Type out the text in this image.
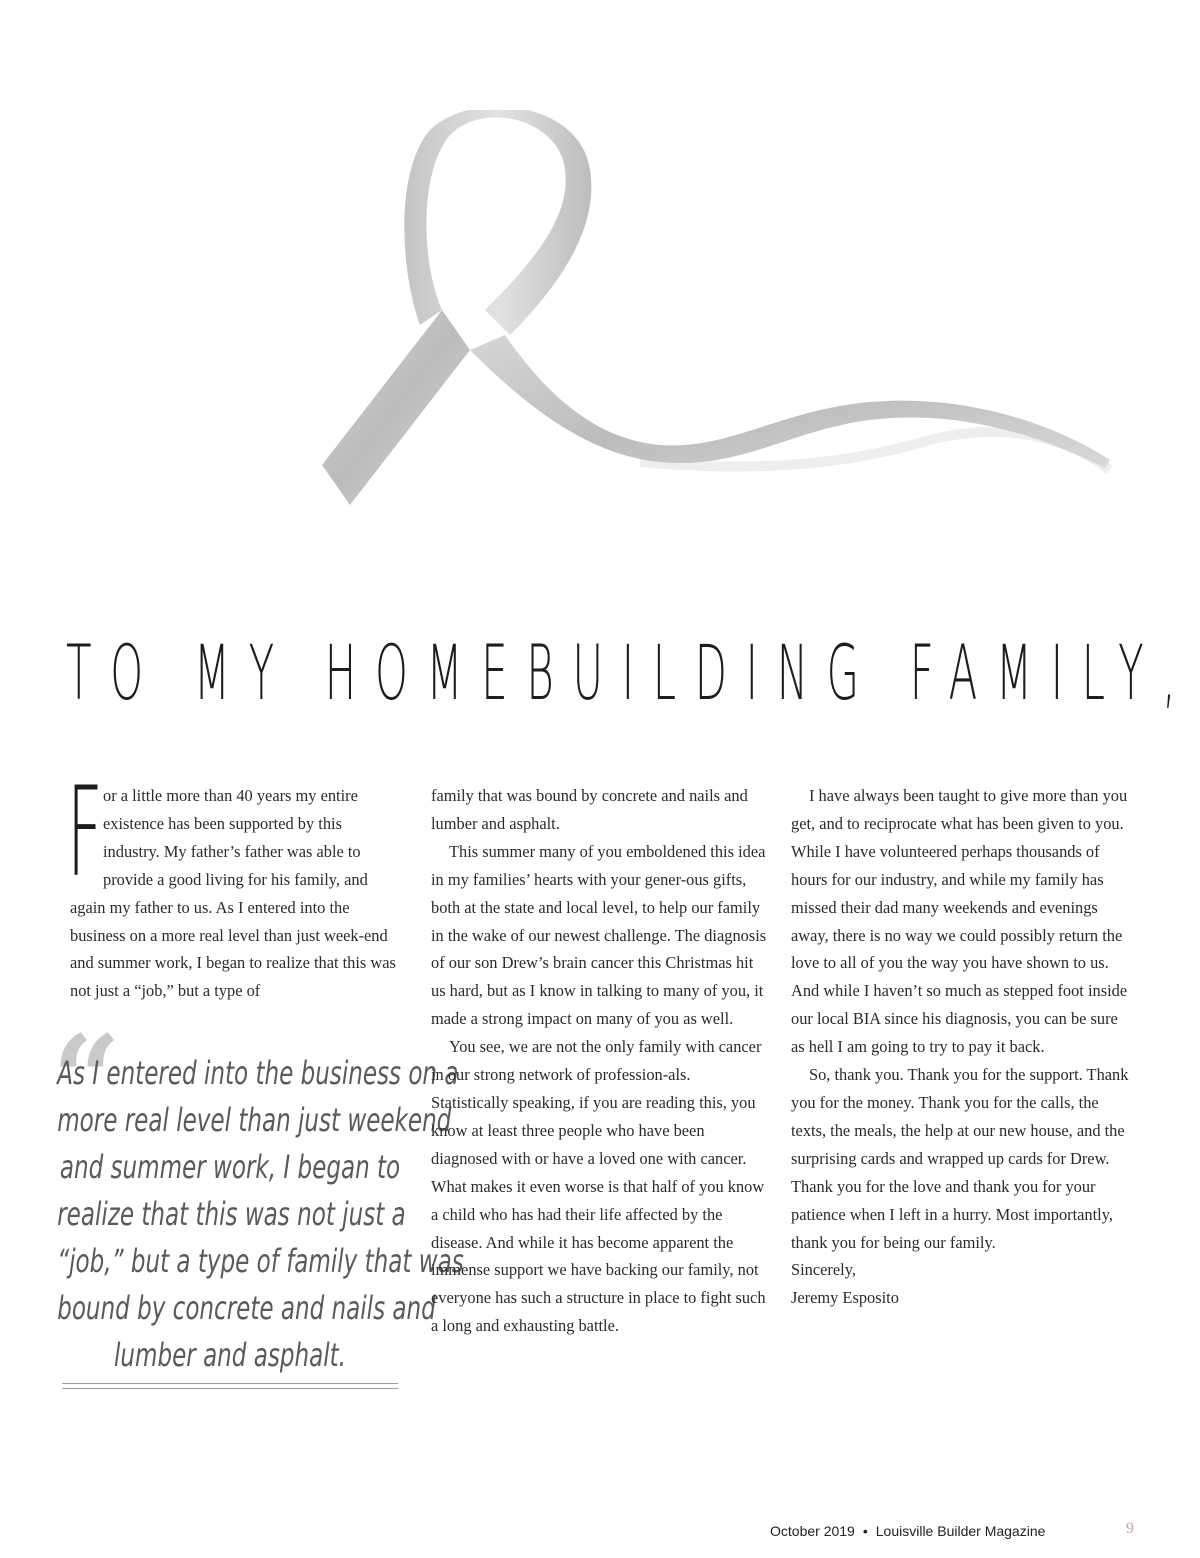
TO MY HOMEBUILDING FAMILY,
F or a little more than 40 years my entire existence has been supported by this industry. My father’s father was able to provide a good living for his family, and again my father to us. As I entered into the business on a more real level than just week-end and summer work, I began to realize that this was not just a “job,” but a type of

“
As I entered into the business on a
more real level than just weekend
and summer work, I began to
realize that this was not just a
“job,” but a type of family that was
bound by concrete and nails and
lumber and asphalt.

family that was bound by concrete and nails and lumber and asphalt.

This summer many of you emboldened this idea in my families’ hearts with your gener-ous gifts, both at the state and local level, to help our family in the wake of our newest challenge. The diagnosis of our son Drew’s brain cancer this Christmas hit us hard, but as I know in talking to many of you, it made a strong impact on many of you as well.

You see, we are not the only family with cancer in our strong network of profession-als. Statistically speaking, if you are reading this, you know at least three people who have been diagnosed with or have a loved one with cancer. What makes it even worse is that half of you know a child who has had their life affected by the disease. And while it has become apparent the immense support we have backing our family, not everyone has such a structure in place to fight such a long and exhausting battle.

I have always been taught to give more than you get, and to reciprocate what has been given to you. While I have volunteered perhaps thousands of hours for our industry, and while my family has missed their dad many weekends and evenings away, there is no way we could possibly return the love to all of you the way you have shown to us. And while I haven’t so much as stepped foot inside our local BIA since his diagnosis, you can be sure as hell I am going to try to pay it back.

So, thank you. Thank you for the support. Thank you for the money. Thank you for the calls, the texts, the meals, the help at our new house, and the surprising cards and wrapped up cards for Drew. Thank you for the love and thank you for your patience when I left in a hurry. Most importantly, thank you for being our family.

Sincerely,

Jeremy Esposito

October 2019 • Louisville Builder Magazine	9
